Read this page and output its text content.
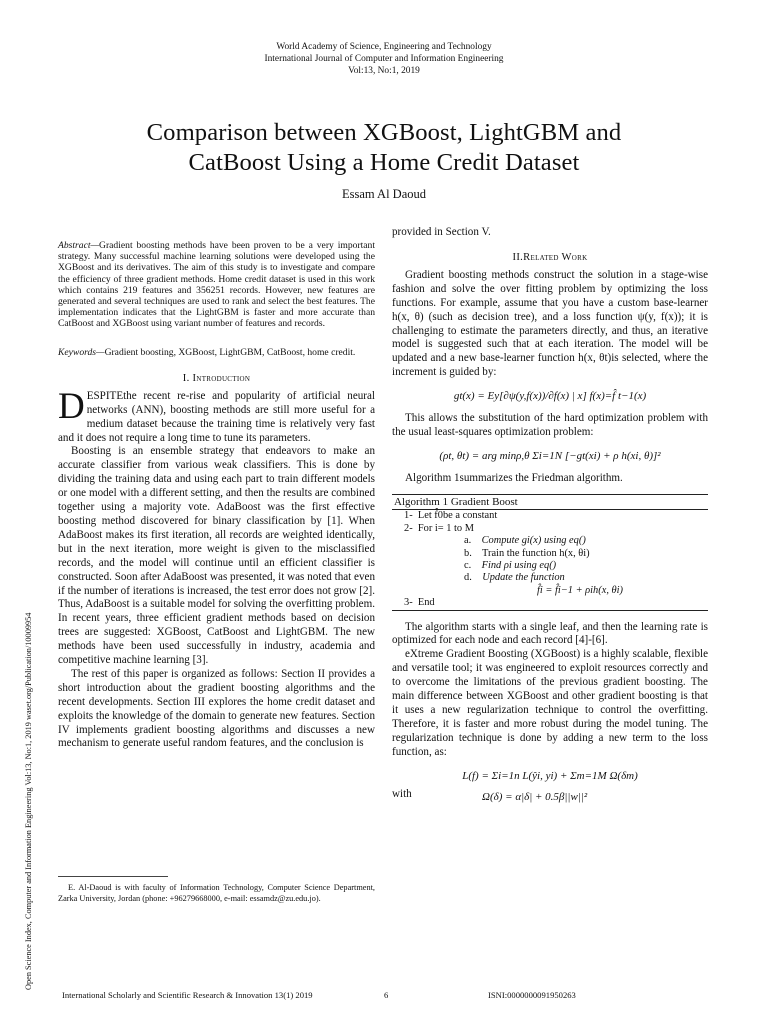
World Academy of Science, Engineering and Technology
International Journal of Computer and Information Engineering
Vol:13, No:1, 2019
Comparison between XGBoost, LightGBM and
CatBoost Using a Home Credit Dataset
Essam Al Daoud
Open Science Index, Computer and Information Engineering Vol:13, No:1, 2019 waset.org/Publication/10009954

Abstract—Gradient boosting methods have been proven to be a very important strategy. Many successful machine learning solutions were developed using the XGBoost and its derivatives. The aim of this study is to investigate and compare the efficiency of three gradient methods. Home credit dataset is used in this work which contains 219 features and 356251 records. However, new features are generated and several techniques are used to rank and select the best features. The implementation indicates that the LightGBM is faster and more accurate than CatBoost and XGBoost using variant number of features and records.

Keywords—Gradient boosting, XGBoost, LightGBM, CatBoost, home credit.

I. Introduction

D ESPITEthe recent re-rise and popularity of artificial neural networks (ANN), boosting methods are still more useful for a medium dataset because the training time is relatively very fast and it does not require a long time to tune its parameters.

Boosting is an ensemble strategy that endeavors to make an accurate classifier from various weak classifiers. This is done by dividing the training data and using each part to train different models or one model with a different setting, and then the results are combined together using a majority vote. AdaBoost was the first effective boosting method discovered for binary classification by [1]. When AdaBoost makes its first iteration, all records are weighted identically, but in the next iteration, more weight is given to the misclassified records, and the model will continue until an efficient classifier is constructed. Soon after AdaBoost was presented, it was noted that even if the number of iterations is increased, the test error does not grow [2]. Thus, AdaBoost is a suitable model for solving the overfitting problem. In recent years, three efficient gradient methods based on decision trees are suggested: XGBoost, CatBoost and LightGBM. The new methods have been used successfully in industry, academia and competitive machine learning [3].

The rest of this paper is organized as follows: Section II provides a short introduction about the gradient boosting algorithms and the recent developments. Section III explores the home credit dataset and exploits the knowledge of the domain to generate new features. Section IV implements gradient boosting algorithms and discusses a new mechanism to generate useful random features, and the conclusion is

E. Al-Daoud is with faculty of Information Technology, Computer Science Department, Zarka University, Jordan (phone: +96279668000, e-mail: essamdz@zu.edu.jo).

provided in Section V.

II.Related Work

Gradient boosting methods construct the solution in a stage-wise fashion and solve the over fitting problem by optimizing the loss functions. For example, assume that you have a custom base-learner h(x, θ) (such as decision tree), and a loss function ψ(y, f(x)); it is challenging to estimate the parameters directly, and thus, an iterative model is suggested such that at each iteration. The model will be updated and a new base-learner function h(x, θt)is selected, where the increment is guided by:

gt(x) = Ey[∂ψ(y,f(x))/∂f(x) | x] f(x)=f̂ t−1(x)

This allows the substitution of the hard optimization problem with the usual least-squares optimization problem:

(ρt, θt) = arg minρ,θ Σi=1N [−gt(xi) + ρ h(xi, θ)]²

Algorithm 1summarizes the Friedman algorithm.

Algorithm 1 Gradient Boost
1- Let f̂0be a constant
2- For i= 1 to M
a. Compute gi(x) using eq()
b. Train the function h(x, θi)
c. Find ρi using eq()
d. Update the function
f̂i = f̂i−1 + ρih(x, θi)
3- End

The algorithm starts with a single leaf, and then the learning rate is optimized for each node and each record [4]-[6].

eXtreme Gradient Boosting (XGBoost) is a highly scalable, flexible and versatile tool; it was engineered to exploit resources correctly and to overcome the limitations of the previous gradient boosting. The main difference between XGBoost and other gradient boosting is that it uses a new regularization technique to control the overfitting. Therefore, it is faster and more robust during the model tuning. The regularization technique is done by adding a new term to the loss function, as:

L(f) = Σi=1n L(ŷi, yi) + Σm=1M Ω(δm)
with	Ω(δ) = α|δ| + 0.5β||w||²
International Scholarly and Scientific Research & Innovation 13(1) 2019	6	ISNI:0000000091950263
